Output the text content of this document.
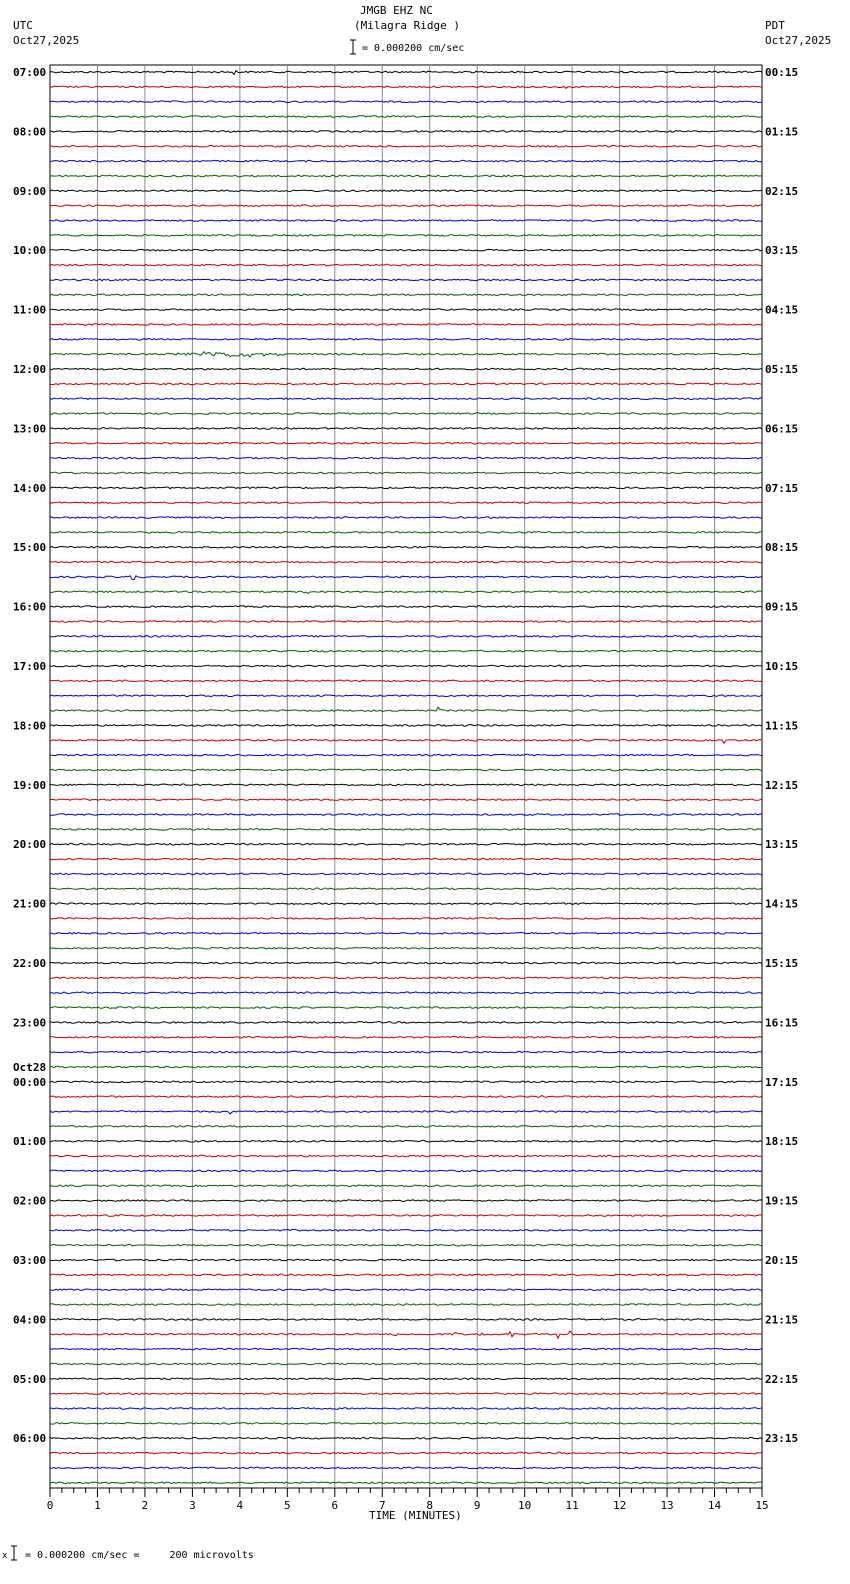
JMGB EHZ NC
(Milagra Ridge )
= 0.000200 cm/sec
UTC
Oct27,2025
PDT
Oct27,2025
07:00
08:00
09:00
10:00
11:00
12:00
13:00
14:00
15:00
16:00
17:00
18:00
19:00
20:00
21:00
22:00
23:00
00:00
01:00
02:00
03:00
04:00
05:00
06:00
Oct28
00:15
01:15
02:15
03:15
04:15
05:15
06:15
07:15
08:15
09:15
10:15
11:15
12:15
13:15
14:15
15:15
16:15
17:15
18:15
19:15
20:15
21:15
22:15
23:15
0	1	2	3	4	5	6	7	8	9	10	11	12	13	14	15
TIME (MINUTES)
x = 0.000200 cm/sec =     200 microvolts
